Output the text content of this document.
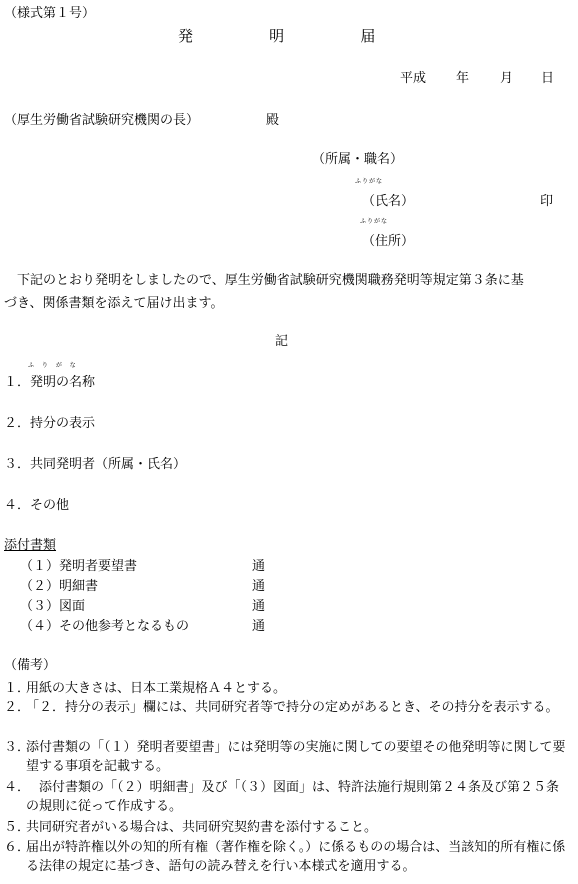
（様式第１号）
発	明	届
平成 年 月 日
（厚生労働省試験研究機関の長）	殿
（所属・職名）
ふりがな
（氏名）	印
ふりがな
（住所）
　下記のとおり発明をしましたので、厚生労働省試験研究機関職務発明等規定第３条に基
づき、関係書類を添えて届け出ます。
記
ふ り が な
１．発明の名称
２．持分の表示
３．共同発明者（所属・氏名）
４．その他
添付書類
（１）発明者要望書	通
（２）明細書	通
（３）図面	通
（４）その他参考となるもの	通
（備考）
１．
用紙の大きさは、日本工業規格Ａ４とする。
２．
「２．持分の表示」欄には、共同研究者等で持分の定めがあるとき、その持分を表示する。
３．
添付書類の「（１）発明者要望書」には発明等の実施に関しての要望その他発明等に関して要望する事項を記載する。
４．
　添付書類の「（２）明細書」及び「（３）図面」は、特許法施行規則第２４条及び第２５条の規則に従って作成する。
５．
共同研究者がいる場合は、共同研究契約書を添付すること。
６．
届出が特許権以外の知的所有権（著作権を除く。）に係るものの場合は、当該知的所有権に係る法律の規定に基づき、語句の読み替えを行い本様式を適用する。
